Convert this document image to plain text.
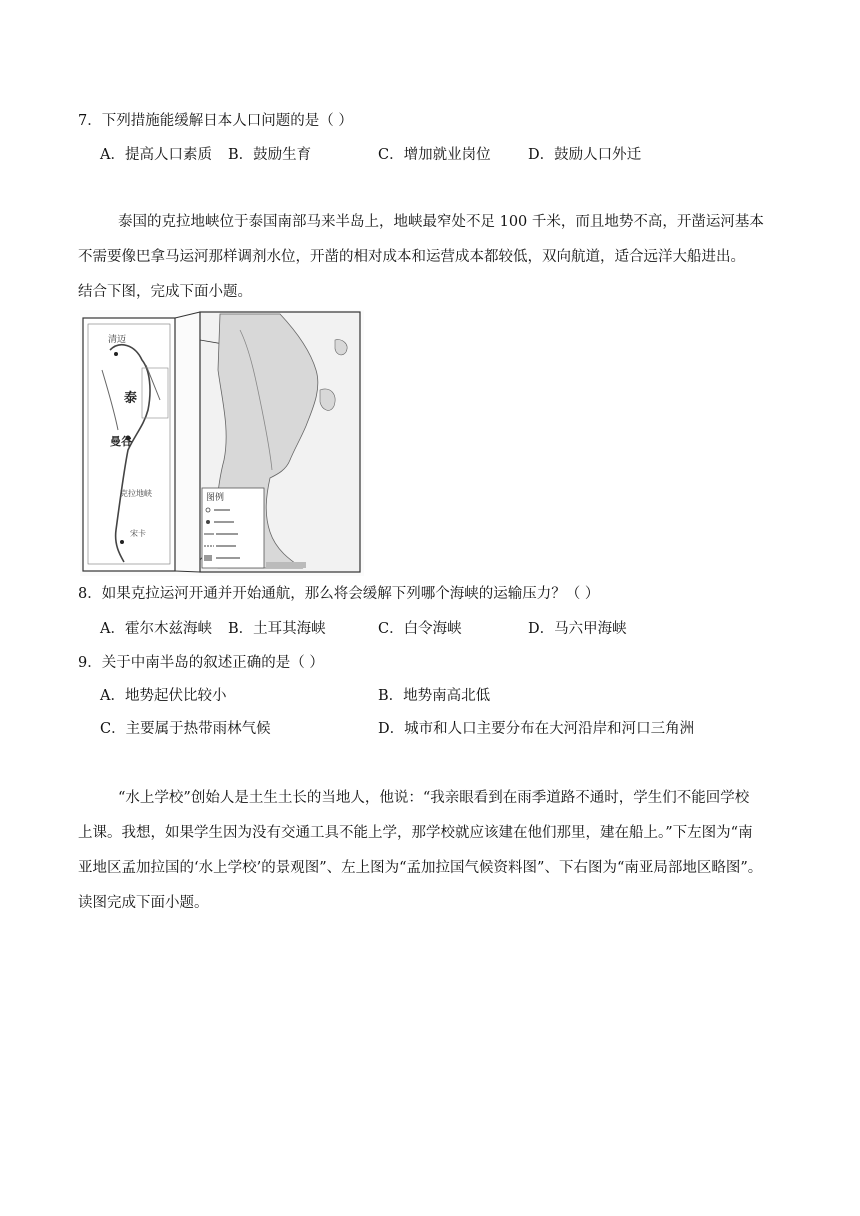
7．下列措施能缓解日本人口问题的是（ ）
A．提高人口素质 B．鼓励生育	C．增加就业岗位	D．鼓励人口外迁
泰国的克拉地峡位于泰国南部马来半岛上，地峡最窄处不足 100 千米，而且地势不高，开凿运河基本
不需要像巴拿马运河那样调剂水位，开凿的相对成本和运营成本都较低，双向航道，适合远洋大船进出。
结合下图，完成下面小题。
清迈
泰
曼谷
克拉地峡
宋卡
图例
8．如果克拉运河开通并开始通航，那么将会缓解下列哪个海峡的运输压力？（ ）
A．霍尔木兹海峡 B．土耳其海峡	C．白令海峡	D．马六甲海峡
9．关于中南半岛的叙述正确的是（ ）
A．地势起伏比较小	B．地势南高北低
C．主要属于热带雨林气候	D．城市和人口主要分布在大河沿岸和河口三角洲
“水上学校”创始人是土生土长的当地人，他说：“我亲眼看到在雨季道路不通时，学生们不能回学校
上课。我想，如果学生因为没有交通工具不能上学，那学校就应该建在他们那里，建在船上。”下左图为“南
亚地区孟加拉国的‘水上学校’的景观图”、左上图为“孟加拉国气候资料图”、下右图为“南亚局部地区略图”。
读图完成下面小题。
